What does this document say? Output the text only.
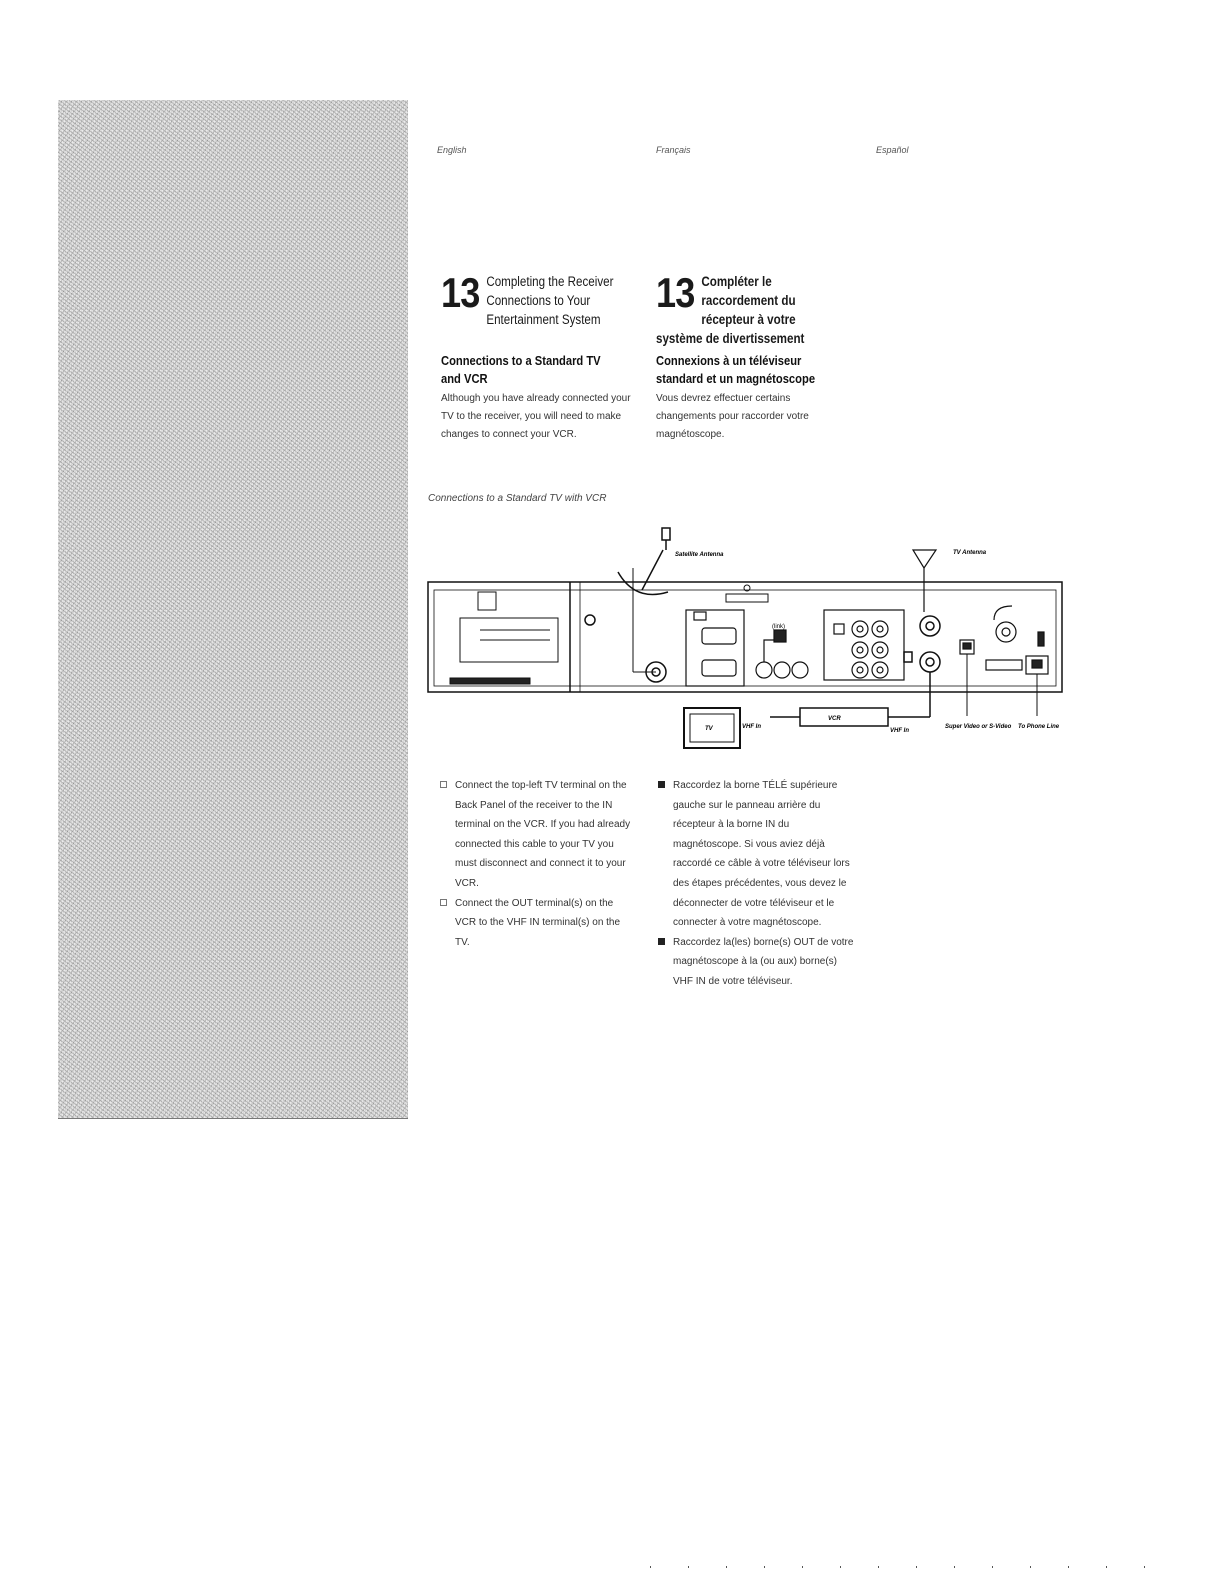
English	Français	Español
13 Completing the Receiver Connections to Your Entertainment System
13 Compléter le raccordement du récepteur à votre système de divertissement
Connections to a Standard TV and VCR Although you have already connected your TV to the receiver, you will need to make changes to connect your VCR.
Connexions à un téléviseur standard et un magnétoscope Vous devrez effectuer certains changements pour raccorder votre magnétoscope.
Connections to a Standard TV with VCR
Satellite Antenna	TV Antenna
(link)
TV	VHF In
VCR
VHF In
Super Video or S-Video To Phone Line
Connect the top-left TV terminal on the Back Panel of the receiver to the IN terminal on the VCR. If you had already connected this cable to your TV you must disconnect and connect it to your VCR.
Connect the OUT terminal(s) on the VCR to the VHF IN terminal(s) on the TV.
Raccordez la borne TÉLÉ supérieure gauche sur le panneau arrière du récepteur à la borne IN du magnétoscope. Si vous aviez déjà raccordé ce câble à votre téléviseur lors des étapes précédentes, vous devez le déconnecter de votre téléviseur et le connecter à votre magnétoscope.
Raccordez la(les) borne(s) OUT de votre magnétoscope à la (ou aux) borne(s) VHF IN de votre téléviseur.
